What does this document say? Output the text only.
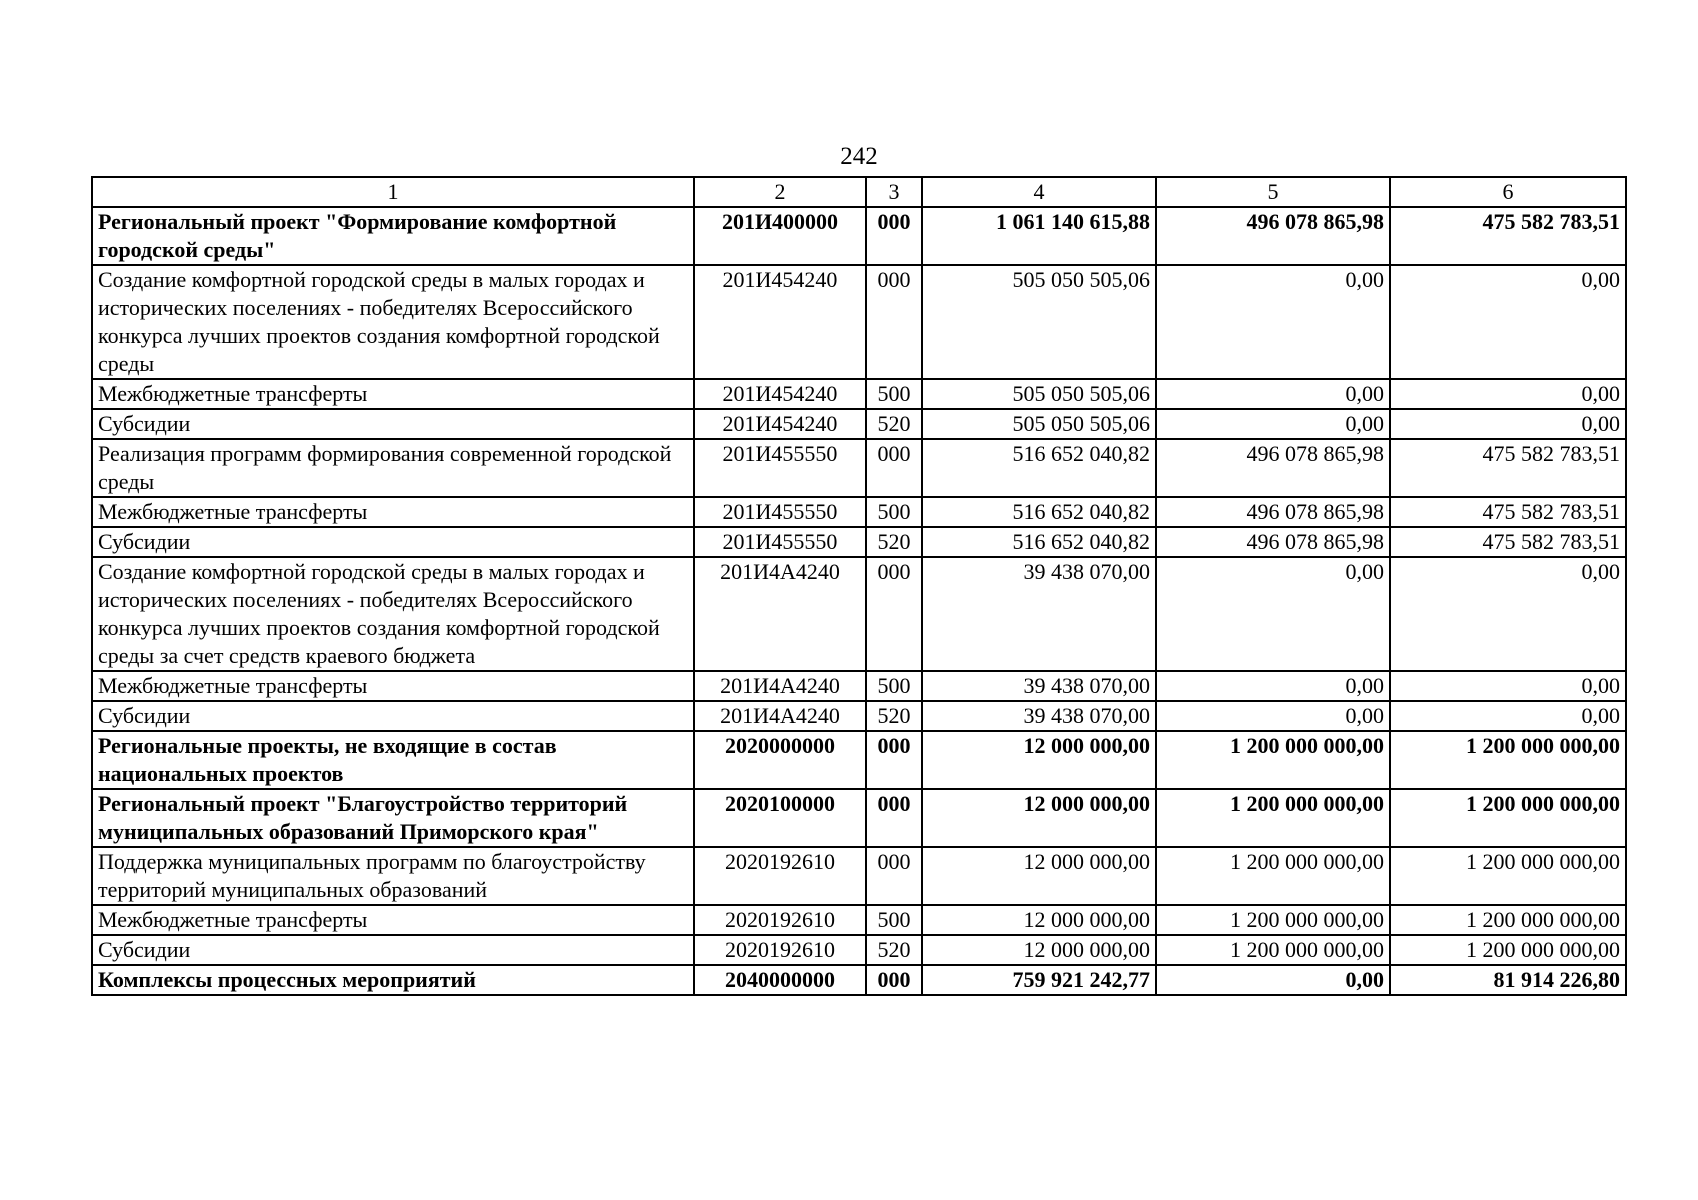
242
1	2	3	4	5	6
Региональный проект "Формирование комфортной городской среды"	201И400000	000	1 061 140 615,88	496 078 865,98	475 582 783,51
Создание комфортной городской среды в малых городах и исторических поселениях - победителях Всероссийского конкурса лучших проектов создания комфортной городской среды	201И454240	000	505 050 505,06	0,00	0,00
Межбюджетные трансферты	201И454240	500	505 050 505,06	0,00	0,00
Субсидии	201И454240	520	505 050 505,06	0,00	0,00
Реализация программ формирования современной городской среды	201И455550	000	516 652 040,82	496 078 865,98	475 582 783,51
Межбюджетные трансферты	201И455550	500	516 652 040,82	496 078 865,98	475 582 783,51
Субсидии	201И455550	520	516 652 040,82	496 078 865,98	475 582 783,51
Создание комфортной городской среды в малых городах и исторических поселениях - победителях Всероссийского конкурса лучших проектов создания комфортной городской среды за счет средств краевого бюджета	201И4А4240	000	39 438 070,00	0,00	0,00
Межбюджетные трансферты	201И4А4240	500	39 438 070,00	0,00	0,00
Субсидии	201И4А4240	520	39 438 070,00	0,00	0,00
Региональные проекты, не входящие в состав национальных проектов	2020000000	000	12 000 000,00	1 200 000 000,00	1 200 000 000,00
Региональный проект "Благоустройство территорий муниципальных образований Приморского края"	2020100000	000	12 000 000,00	1 200 000 000,00	1 200 000 000,00
Поддержка муниципальных программ по благоустройству территорий муниципальных образований	2020192610	000	12 000 000,00	1 200 000 000,00	1 200 000 000,00
Межбюджетные трансферты	2020192610	500	12 000 000,00	1 200 000 000,00	1 200 000 000,00
Субсидии	2020192610	520	12 000 000,00	1 200 000 000,00	1 200 000 000,00
Комплексы процессных мероприятий	2040000000	000	759 921 242,77	0,00	81 914 226,80
